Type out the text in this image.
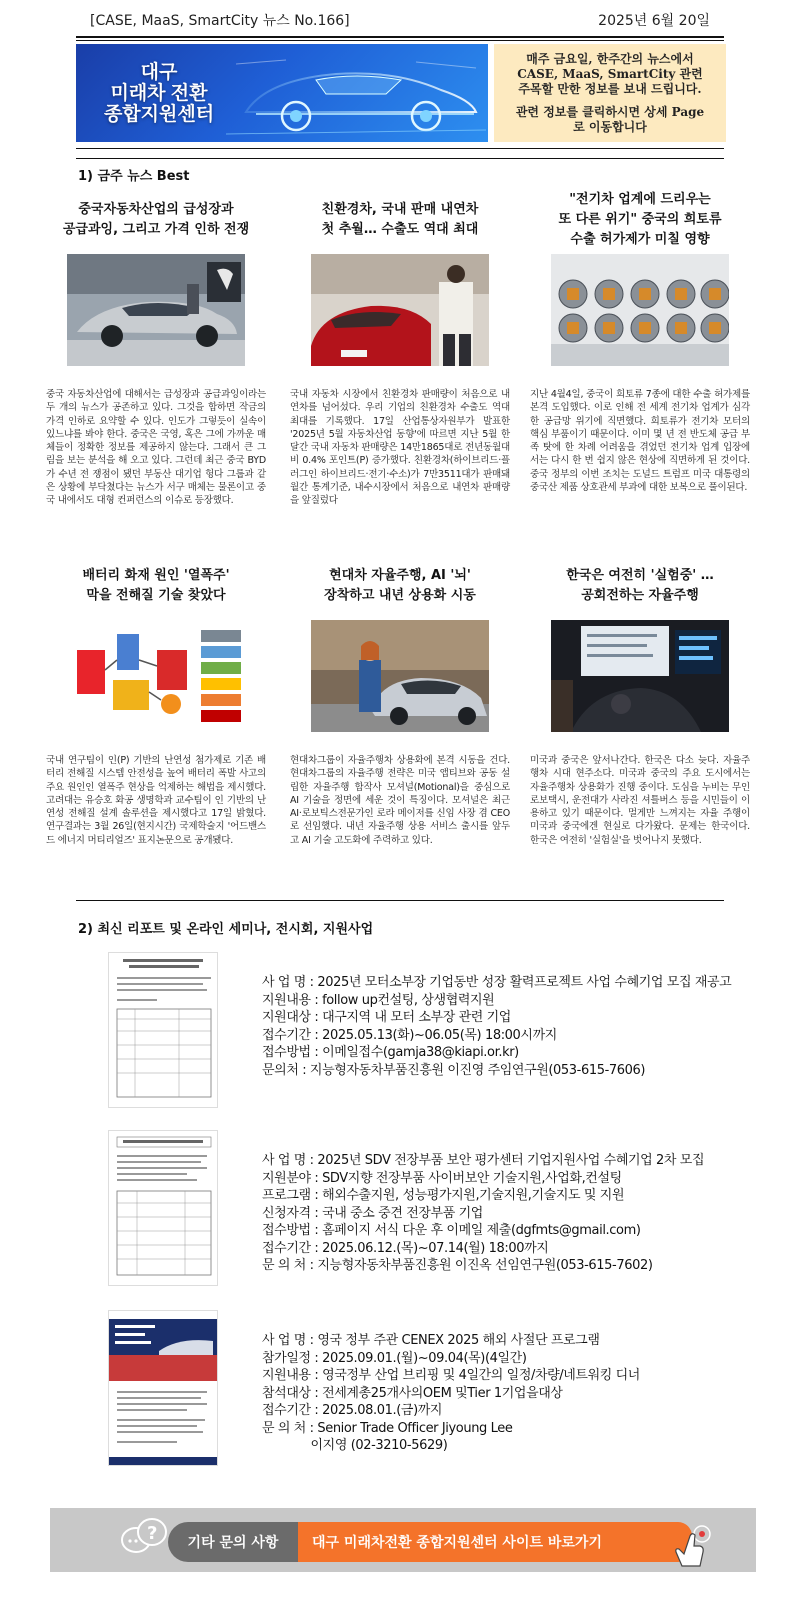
[CASE, MaaS, SmartCity 뉴스 No.166]	2025년 6월 20일
대구
미래차 전환
종합지원센터

매주 금요일, 한주간의 뉴스에서
CASE, MaaS, SmartCity 관련
주목할 만한 정보를 보내 드립니다.

관련 정보를 클릭하시면 상세 Page
로 이동합니다

1) 금주 뉴스 Best
중국자동차산업의 급성장과
공급과잉, 그리고 가격 인하 전쟁
중국 자동차산업에 대해서는 급성장과 공급과잉이라는 두 개의 뉴스가 공존하고 있다. 그것을 합하면 작금의 가격 인하로 요약할 수 있다. 인도가 그렇듯이 실속이 있느냐를 봐야 한다. 중국은 국영, 혹은 그에 가까운 매체들이 정확한 정보를 제공하지 않는다. 그래서 큰 그림을 보는 분석을 해 오고 있다. 그런데 최근 중국 BYD가 수년 전 쟁점이 됐던 부동산 대기업 헝다 그룹과 같은 상황에 부닥쳤다는 뉴스가 서구 매체는 물론이고 중국 내에서도 대형 컨퍼런스의 이슈로 등장했다.
친환경차, 국내 판매 내연차
첫 추월… 수출도 역대 최대
국내 자동차 시장에서 친환경차 판매량이 처음으로 내연차를 넘어섰다. 우리 기업의 친환경차 수출도 역대 최대를 기록했다. 17일 산업통상자원부가 발표한 '2025년 5월 자동차산업 동향'에 따르면 지난 5월 한 달간 국내 자동차 판매량은 14만1865대로 전년동월대비 0.4% 포인트(P) 증가했다. 친환경차(하이브리드·플러그인 하이브리드·전기·수소)가 7만3511대가 판매돼 월간 통계기준, 내수시장에서 처음으로 내연차 판매량을 앞질렀다
"전기차 업계에 드리우는
또 다른 위기" 중국의 희토류
수출 허가제가 미칠 영향
지난 4월4일, 중국이 희토류 7종에 대한 수출 허가제를 본격 도입했다. 이로 인해 전 세계 전기차 업계가 심각한 공급망 위기에 직면했다. 희토류가 전기차 모터의 핵심 부품이기 때문이다. 이미 몇 년 전 반도체 공급 부족 탓에 한 차례 어려움을 겪었던 전기차 업계 입장에서는 다시 한 번 쉽지 않은 현상에 직면하게 된 것이다. 중국 정부의 이번 조치는 도널드 트럼프 미국 대통령의 중국산 제품 상호관세 부과에 대한 보복으로 풀이된다.
배터리 화재 원인 '열폭주'
막을 전해질 기술 찾았다
국내 연구팀이 인(P) 기반의 난연성 첨가제로 기존 배터리 전해질 시스템 안전성을 높여 배터리 폭발 사고의 주요 원인인 열폭주 현상을 억제하는 해법을 제시했다. 고려대는 유승호 화공 생명학과 교수팀이 인 기반의 난연성 전해질 설계 솔루션을 제시했다고 17일 밝혔다. 연구결과는 3월 26일(현지시간) 국제학술지 '어드밴스드 에너지 머티리얼즈' 표지논문으로 공개됐다.
현대차 자율주행, AI '뇌'
장착하고 내년 상용화 시동
현대차그룹이 자율주행차 상용화에 본격 시동을 건다. 현대차그룹의 자율주행 전략은 미국 앱티브와 공동 설립한 자율주행 합작사 모셔널(Motional)을 중심으로 AI 기술을 정면에 세운 것이 특징이다. 모셔널은 최근 AI·로보틱스전문가인 로라 메이저를 신임 사장 겸 CEO로 선임했다. 내년 자율주행 상용 서비스 출시를 앞두고 AI 기술 고도화에 주력하고 있다.
한국은 여전히 '실험중' …
공회전하는 자율주행
미국과 중국은 앞서나간다. 한국은 다소 늦다. 자율주행차 시대 현주소다. 미국과 중국의 주요 도시에서는 자율주행차 상용화가 진행 중이다. 도심을 누비는 무인 로보택시, 운전대가 사라진 셔틀버스 등을 시민들이 이용하고 있기 때문이다. 멀게만 느껴지는 자율 주행이 미국과 중국에겐 현실로 다가왔다. 문제는 한국이다. 한국은 여전히 '실험실'을 벗어나지 못했다.
2) 최신 리포트 및 온라인 세미나, 전시회, 지원사업
사 업 명 : 2025년 모터소부장 기업동반 성장 활력프로젝트 사업 수혜기업 모집 재공고
지원내용 : follow up컨설팅, 상생협력지원
지원대상 : 대구지역 내 모터 소부장 관련 기업
접수기간 : 2025.05.13(화)~06.05(목) 18:00시까지
접수방법 : 이메일접수(gamja38@kiapi.or.kr)
문의처 : 지능형자동차부품진흥원 이진영 주임연구원(053-615-7606)
사 업 명 : 2025년 SDV 전장부품 보안 평가센터 기업지원사업 수혜기업 2차 모집
지원분야 : SDV지향 전장부품 사이버보안 기술지원,사업화,컨설팅
프로그램 : 해외수출지원, 성능평가지원,기술지원,기술지도 및 지원
신청자격 : 국내 중소 중견 전장부품 기업
접수방법 : 홈페이지 서식 다운 후 이메일 제출(dgfmts@gmail.com)
접수기간 : 2025.06.12.(목)~07.14(월) 18:00까지
문 의 처 : 지능형자동차부품진흥원 이진옥 선임연구원(053-615-7602)
사 업 명 : 영국 정부 주관 CENEX 2025 해외 사절단 프로그램
참가일정 : 2025.09.01.(월)~09.04(목)(4일간)
지원내용 : 영국정부 산업 브리핑 및 4일간의 일정/차량/네트워킹 디너
참석대상 : 전세계총25개사의OEM 및Tier 1기업을대상
접수기간 : 2025.08.01.(금)까지
문 의 처 : Senior Trade Officer Jiyoung Lee
이지영 (02-3210-5629)
?	기타 문의 사항	대구 미래차전환 종합지원센터 사이트 바로가기
